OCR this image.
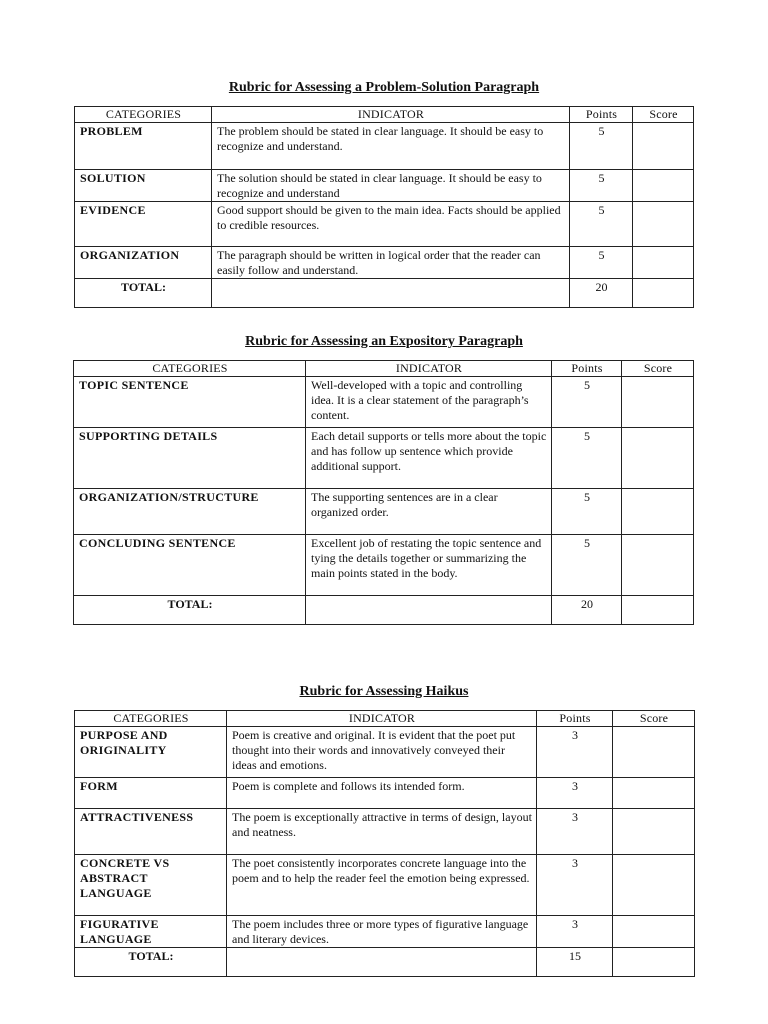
Rubric for Assessing a Problem-Solution Paragraph
CATEGORIES	INDICATOR	Points	Score
PROBLEM	The problem should be stated in clear language. It should be easy to recognize and understand.	5	
SOLUTION	The solution should be stated in clear language. It should be easy to recognize and understand	5	
EVIDENCE	Good support should be given to the main idea. Facts should be applied to credible resources.	5	
ORGANIZATION	The paragraph should be written in logical order that the reader can easily follow and understand.	5	
TOTAL:		20	
Rubric for Assessing an Expository Paragraph
CATEGORIES	INDICATOR	Points	Score
TOPIC SENTENCE	Well-developed with a topic and controlling idea. It is a clear statement of the paragraph’s content.	5	
SUPPORTING DETAILS	Each detail supports or tells more about the topic and has follow up sentence which provide additional support.	5	
ORGANIZATION/STRUCTURE	The supporting sentences are in a clear organized order.	5	
CONCLUDING SENTENCE	Excellent job of restating the topic sentence and tying the details together or summarizing the main points stated in the body.	5	
TOTAL:		20	
Rubric for Assessing Haikus
CATEGORIES	INDICATOR	Points	Score
PURPOSE AND ORIGINALITY	Poem is creative and original. It is evident that the poet put thought into their words and innovatively conveyed their ideas and emotions.	3	
FORM	Poem is complete and follows its intended form.	3	
ATTRACTIVENESS	The poem is exceptionally attractive in terms of design, layout and neatness.	3	
CONCRETE VS ABSTRACT LANGUAGE	The poet consistently incorporates concrete language into the poem and to help the reader feel the emotion being expressed.	3	
FIGURATIVE LANGUAGE	The poem includes three or more types of figurative language and literary devices.	3	
TOTAL:		15	
